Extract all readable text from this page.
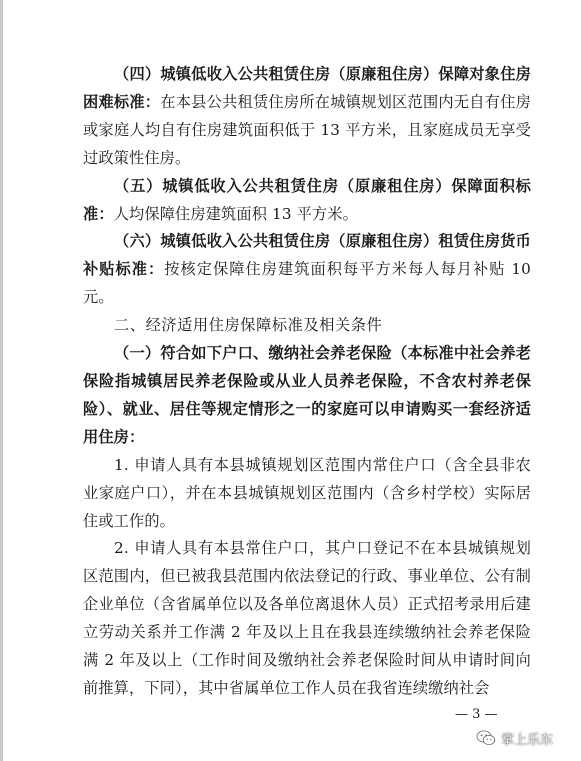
（四）城镇低收入公共租赁住房（原廉租住房）保障对象住房困难标准：在本县公共租赁住房所在城镇规划区范围内无自有住房或家庭人均自有住房建筑面积低于 13 平方米，且家庭成员无享受过政策性住房。

（五）城镇低收入公共租赁住房（原廉租住房）保障面积标准：人均保障住房建筑面积 13 平方米。

（六）城镇低收入公共租赁住房（原廉租住房）租赁住房货币补贴标准：按核定保障住房建筑面积每平方米每人每月补贴 10 元。

二、经济适用住房保障标准及相关条件

（一）符合如下户口、缴纳社会养老保险（本标准中社会养老保险指城镇居民养老保险或从业人员养老保险，不含农村养老保险）、就业、居住等规定情形之一的家庭可以申请购买一套经济适用住房：

1. 申请人具有本县城镇规划区范围内常住户口（含全县非农业家庭户口），并在本县城镇规划区范围内（含乡村学校）实际居住或工作的。

2. 申请人具有本县常住户口，其户口登记不在本县城镇规划区范围内，但已被我县范围内依法登记的行政、事业单位、公有制企业单位（含省属单位以及各单位离退休人员）正式招考录用后建立劳动关系并工作满 2 年及以上且在我县连续缴纳社会养老保险满 2 年及以上（工作时间及缴纳社会养老保险时间从申请时间向前推算，下同），其中省属单位工作人员在我省连续缴纳社会

— 3 —
掌上乐东
